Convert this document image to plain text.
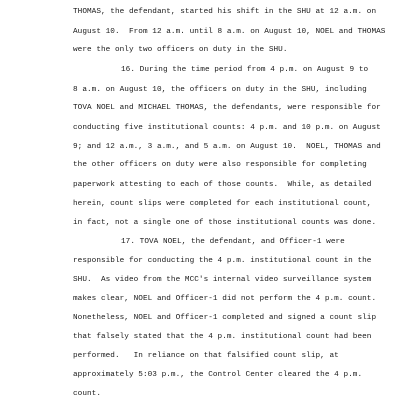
THOMAS, the defendant, started his shift in the SHU at 12 a.m. on
August 10.  From 12 a.m. until 8 a.m. on August 10, NOEL and THOMAS
were the only two officers on duty in the SHU.
16. During the time period from 4 p.m. on August 9 to
8 a.m. on August 10, the officers on duty in the SHU, including
TOVA NOEL and MICHAEL THOMAS, the defendants, were responsible for
conducting five institutional counts: 4 p.m. and 10 p.m. on August
9; and 12 a.m., 3 a.m., and 5 a.m. on August 10.  NOEL, THOMAS and
the other officers on duty were also responsible for completing
paperwork attesting to each of those counts.  While, as detailed
herein, count slips were completed for each institutional count,
in fact, not a single one of those institutional counts was done.
17. TOVA NOEL, the defendant, and Officer-1 were
responsible for conducting the 4 p.m. institutional count in the
SHU.  As video from the MCC's internal video surveillance system
makes clear, NOEL and Officer-1 did not perform the 4 p.m. count.
Nonetheless, NOEL and Officer-1 completed and signed a count slip
that falsely stated that the 4 p.m. institutional count had been
performed.   In reliance on that falsified count slip, at
approximately 5:03 p.m., the Control Center cleared the 4 p.m.
count.
